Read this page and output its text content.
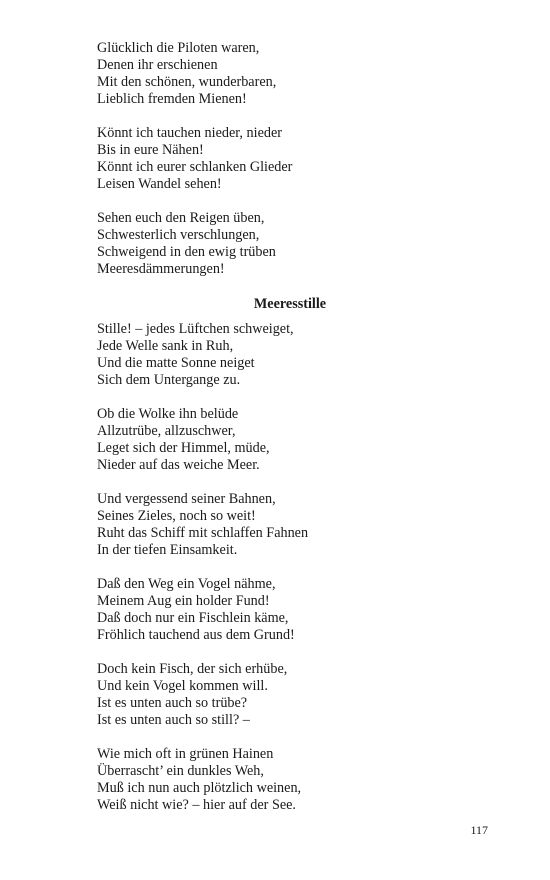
Glücklich die Piloten waren,
Denen ihr erschienen
Mit den schönen, wunderbaren,
Lieblich fremden Mienen!
Könnt ich tauchen nieder, nieder
Bis in eure Nähen!
Könnt ich eurer schlanken Glieder
Leisen Wandel sehen!
Sehen euch den Reigen üben,
Schwesterlich verschlungen,
Schweigend in den ewig trüben
Meeresdämmerungen!
Meeresstille
Stille! – jedes Lüftchen schweiget,
Jede Welle sank in Ruh,
Und die matte Sonne neiget
Sich dem Untergange zu.
Ob die Wolke ihn belüde
Allzutrübe, allzuschwer,
Leget sich der Himmel, müde,
Nieder auf das weiche Meer.
Und vergessend seiner Bahnen,
Seines Zieles, noch so weit!
Ruht das Schiff mit schlaffen Fahnen
In der tiefen Einsamkeit.
Daß den Weg ein Vogel nähme,
Meinem Aug ein holder Fund!
Daß doch nur ein Fischlein käme,
Fröhlich tauchend aus dem Grund!
Doch kein Fisch, der sich erhübe,
Und kein Vogel kommen will.
Ist es unten auch so trübe?
Ist es unten auch so still? –
Wie mich oft in grünen Hainen
Überrascht’ ein dunkles Weh,
Muß ich nun auch plötzlich weinen,
Weiß nicht wie? – hier auf der See.
117
